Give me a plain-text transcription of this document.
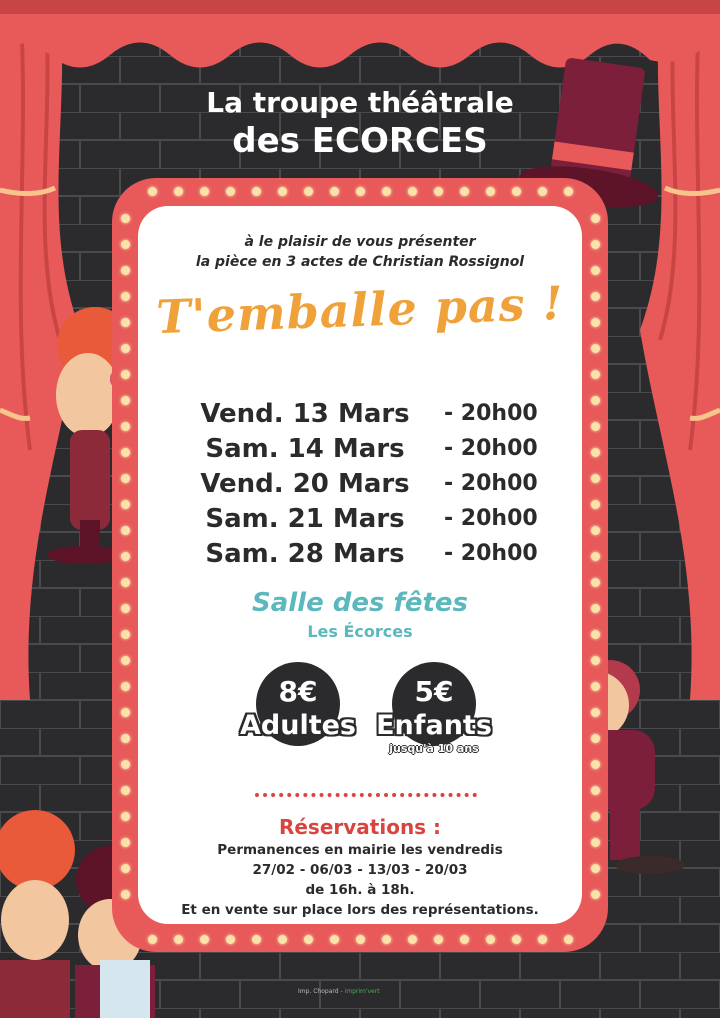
La troupe théâtrale
des ECORCES
à le plaisir de vous présenter
la pièce en 3 actes de Christian Rossignol
T'emballe pas !
Vend. 13 Mars	- 20h00
Sam. 14 Mars	- 20h00
Vend. 20 Mars	- 20h00
Sam. 21 Mars	- 20h00
Sam. 28 Mars	- 20h00
Salle des fêtes
Les Écorces
8€
Adultes
5€
Enfants
jusqu'à 10 ans
Réservations :
Permanences en mairie les vendredis
27/02 - 06/03 - 13/03 - 20/03
de 16h. à 18h.
Et en vente sur place lors des représentations.
Imp. Chopard - imprim'vert
